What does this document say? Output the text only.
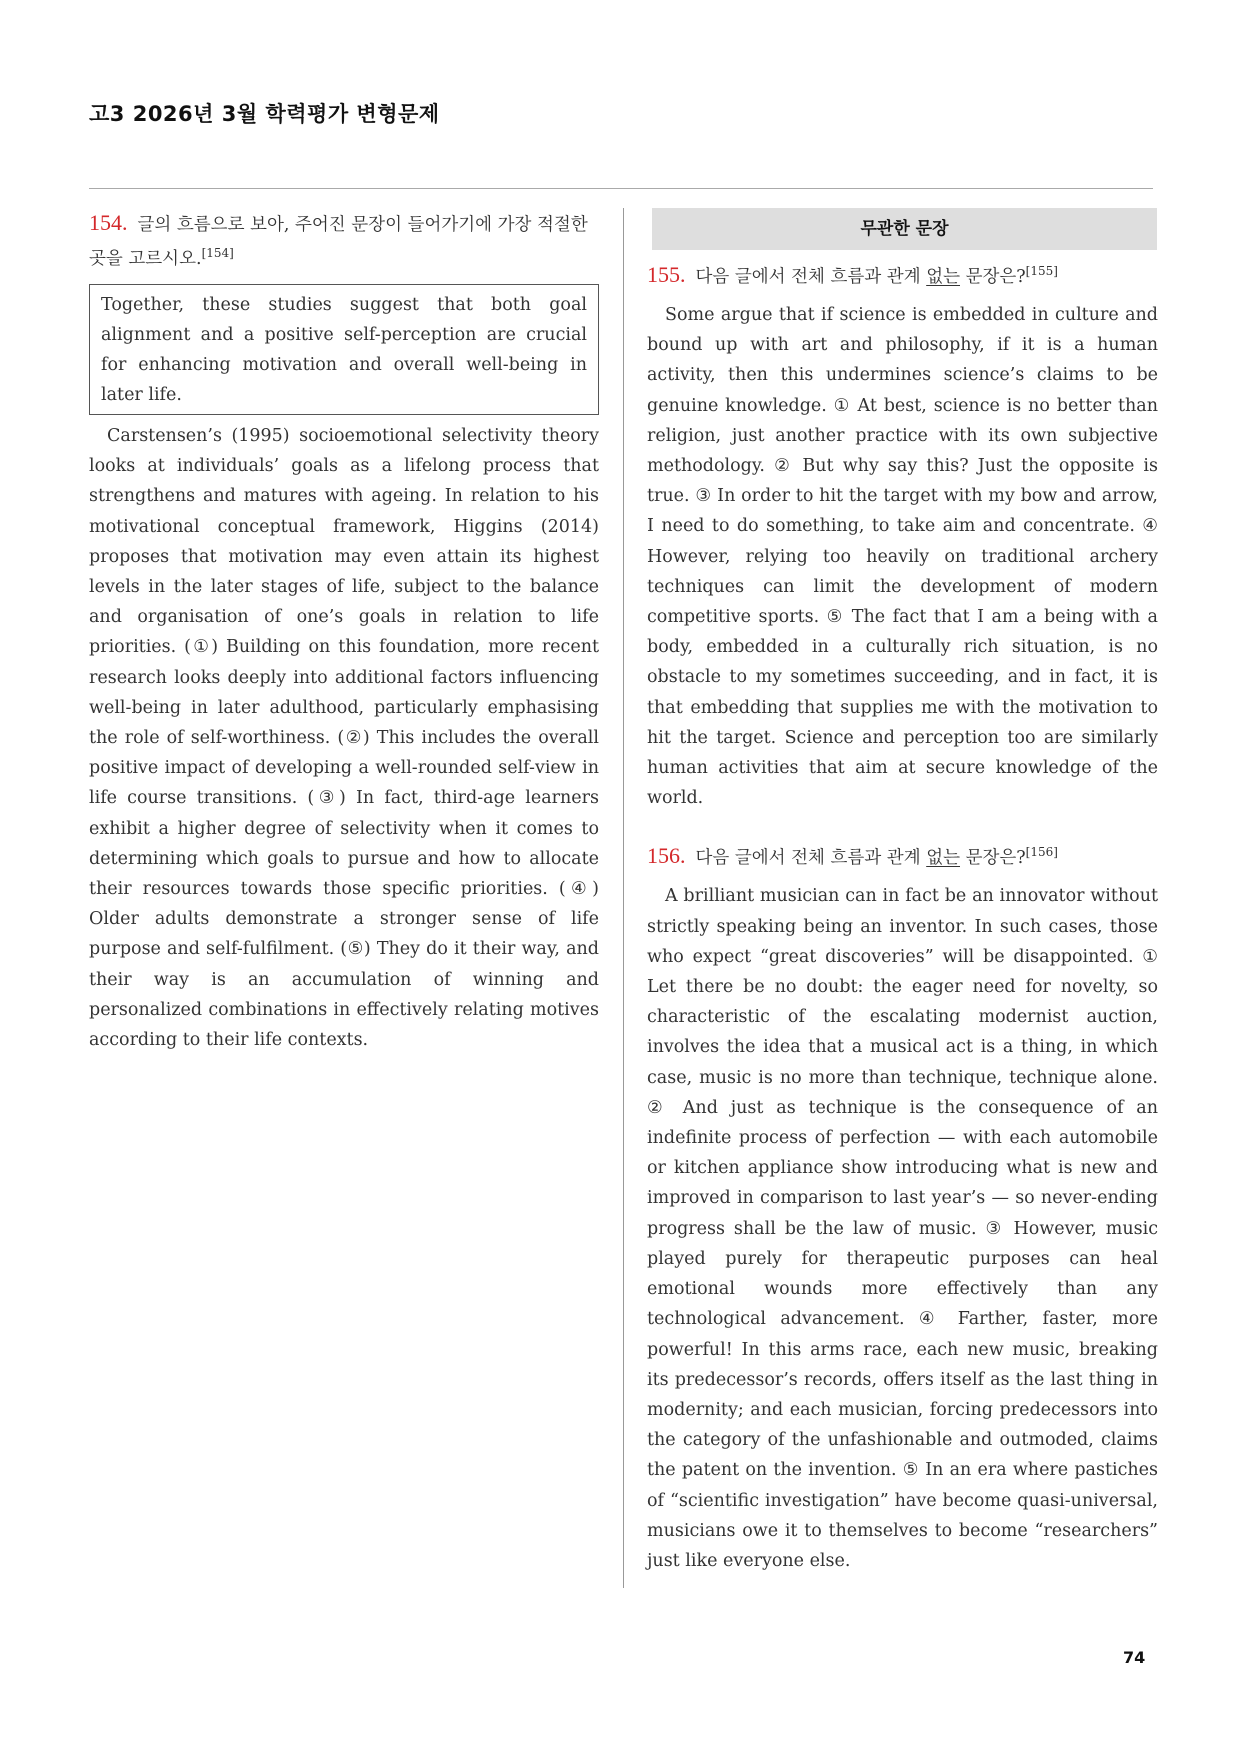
고3 2026년 3월 학력평가 변형문제
154. 글의 흐름으로 보아, 주어진 문장이 들어가기에 가장 적절한 곳을 고르시오.[154]
Together, these studies suggest that both goal alignment and a positive self-perception are crucial for enhancing motivation and overall well-being in later life.
Carstensen’s (1995) socioemotional selectivity theory looks at individuals’ goals as a lifelong process that strengthens and matures with ageing. In relation to his motivational conceptual framework, Higgins (2014) proposes that motivation may even attain its highest levels in the later stages of life, subject to the balance and organisation of one’s goals in relation to life priorities. (①) Building on this foundation, more recent research looks deeply into additional factors influencing well-being in later adulthood, particularly emphasising the role of self-worthiness. (②) This includes the overall positive impact of developing a well-rounded self-view in life course transitions. (③) In fact, third-age learners exhibit a higher degree of selectivity when it comes to determining which goals to pursue and how to allocate their resources towards those specific priorities. (④) Older adults demonstrate a stronger sense of life purpose and self-fulfilment. (⑤) They do it their way, and their way is an accumulation of winning and personalized combinations in effectively relating motives according to their life contexts.
무관한 문장
155. 다음 글에서 전체 흐름과 관계 없는 문장은?[155]
Some argue that if science is embedded in culture and bound up with art and philosophy, if it is a human activity, then this undermines science’s claims to be genuine knowledge. ① At best, science is no better than religion, just another practice with its own subjective methodology. ② But why say this? Just the opposite is true. ③ In order to hit the target with my bow and arrow, I need to do something, to take aim and concentrate. ④ However, relying too heavily on traditional archery techniques can limit the development of modern competitive sports. ⑤ The fact that I am a being with a body, embedded in a culturally rich situation, is no obstacle to my sometimes succeeding, and in fact, it is that embedding that supplies me with the motivation to hit the target. Science and perception too are similarly human activities that aim at secure knowledge of the world.
156. 다음 글에서 전체 흐름과 관계 없는 문장은?[156]
A brilliant musician can in fact be an innovator without strictly speaking being an inventor. In such cases, those who expect “great discoveries” will be disappointed. ① Let there be no doubt: the eager need for novelty, so characteristic of the escalating modernist auction, involves the idea that a musical act is a thing, in which case, music is no more than technique, technique alone. ② And just as technique is the consequence of an indefinite process of perfection — with each automobile or kitchen appliance show introducing what is new and improved in comparison to last year’s — so never-ending progress shall be the law of music. ③ However, music played purely for therapeutic purposes can heal emotional wounds more effectively than any technological advancement. ④ Farther, faster, more powerful! In this arms race, each new music, breaking its predecessor’s records, offers itself as the last thing in modernity; and each musician, forcing predecessors into the category of the unfashionable and outmoded, claims the patent on the invention. ⑤ In an era where pastiches of “scientific investigation” have become quasi-universal, musicians owe it to themselves to become “researchers” just like everyone else.
74
